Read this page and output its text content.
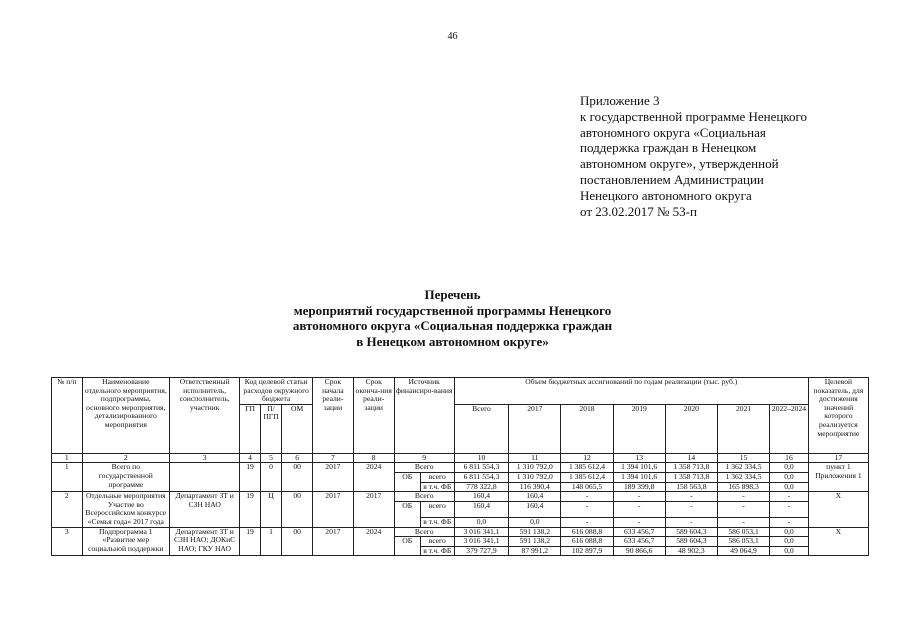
46
Приложение 3
к государственной программе Ненецкого
автономного округа «Социальная
поддержка граждан в Ненецком
автономном округе», утвержденной
постановлением Администрации
Ненецкого автономного округа
от 23.02.2017 № 53-п
Перечень
мероприятий государственной программы Ненецкого
автономного округа «Социальная поддержка граждан
в Ненецком автономном округе»
№ п/п	Наименование отдельного мероприятия, подпрограммы, основного мероприятия, детализированного мероприятия	Ответственный исполнитель, соисполнитель, участник	Код целевой статьи расходов окружного бюджета			Срок начала реали-зации	Срок оконча-ния реали-зации	Источник финансиро-вания		Объем бюджетных ассигнований по годам реализации (тыс. руб.)							Целевой показатель, для достижения значений которого реализуется мероприятие
			ГП	П/ПГП	ОМ					Всего	2017	2018	2019	2020	2021	2022–2024	

1	2	3	4	5	6	7	8	9		10	11	12	13	14	15	16	17
1	Всего по государственной программе		19	0	00	2017	2024	Всего		6 811 554,3	1 310 792,0	1 385 612,4	1 394 101,6	1 358 713,8	1 362 334,5	0,0	пункт 1 Приложения 1
								ОБ	всего	6 811 554,3	1 310 792,0	1 385 612,4	1 394 101,6	1 358 713,8	1 362 334,5	0,0	
									в т.ч. ФБ	778 322,8	116 390,4	148 065,5	189 399,8	158 563,8	165 898,3	0,0	
2	Отдельные мероприятия Участие во Всероссийском конкурсе «Семья года» 2017 года	Департамент ЗТ и СЗН НАО	19	Ц	00	2017	2017	Всего		160,4	160,4	-	-	-	-	-	Х
								ОБ	всего	160,4	160,4	-	-	-	-	-	
									в т.ч. ФБ	0,0	0,0	-	-	-	-	-	
3	Подпрограмма 1 «Развитие мер социальной поддержки	Департамент ЗТ и СЗН НАО; ДОКиС НАО; ГКУ НАО	19	1	00	2017	2024	Всего		3 016 341,1	591 138,2	616 088,8	633 456,7	589 604,3	586 053,1	0,0	Х
								ОБ	всего	3 016 341,1	591 138,2	616 088,8	633 456,7	589 604,3	586 053,1	0,0	
									в т.ч. ФБ	379 727,9	87 991,2	102 897,9	90 866,6	48 902,3	49 064,9	0,0	
